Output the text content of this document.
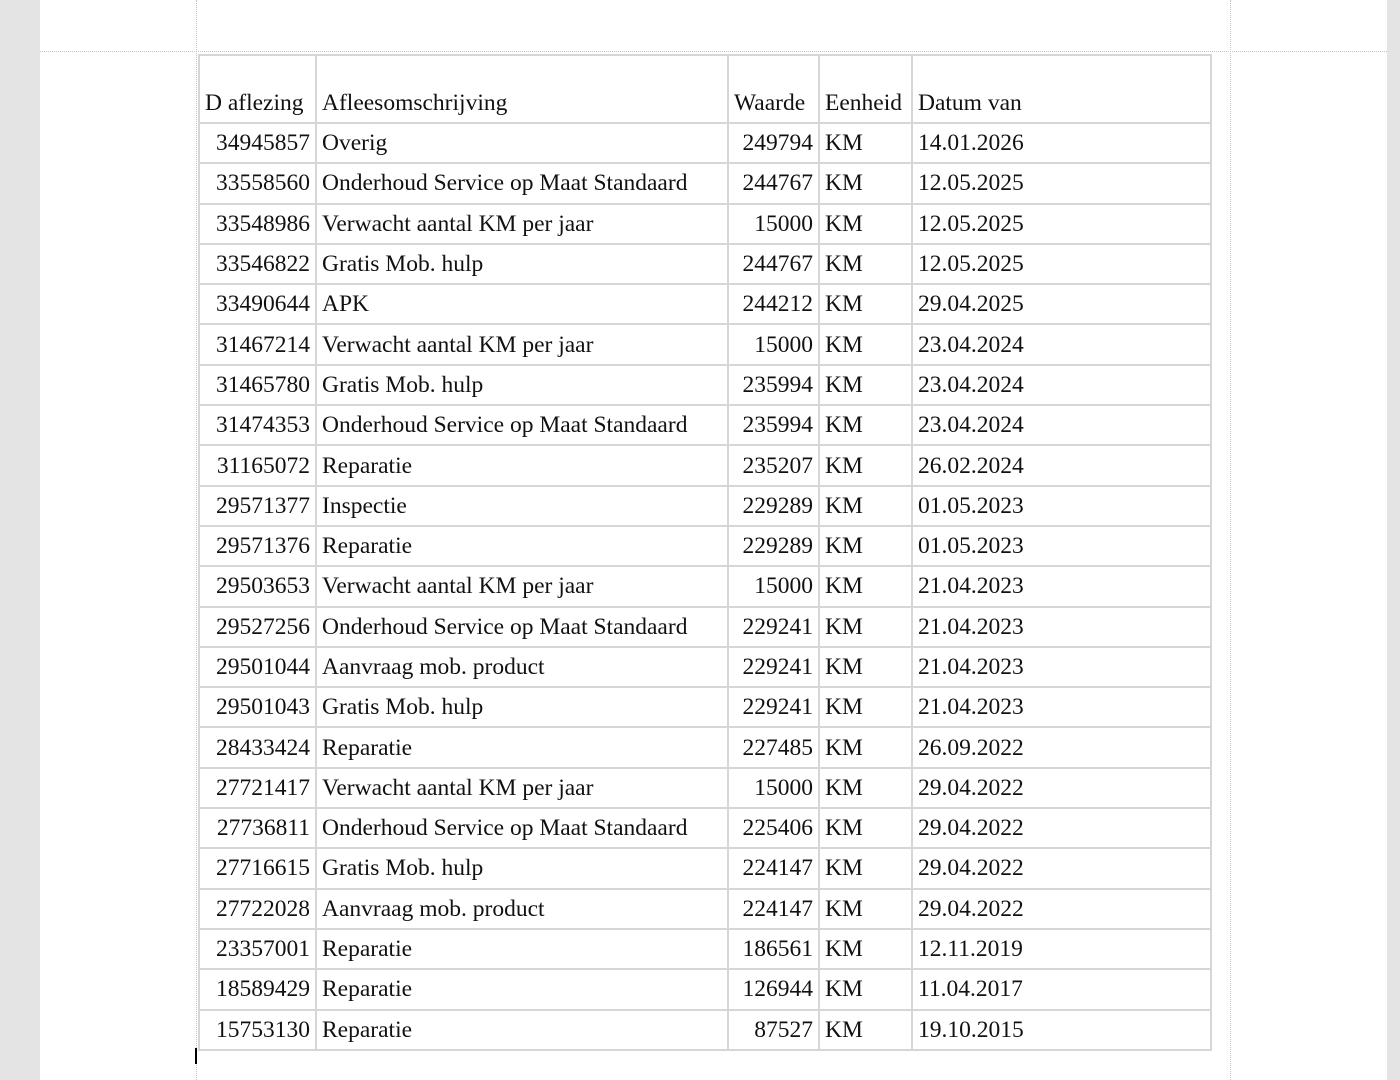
D aflezing	Afleesomschrijving	Waarde	Eenheid	Datum van
34945857	Overig	249794	KM	14.01.2026
33558560	Onderhoud Service op Maat Standaard	244767	KM	12.05.2025
33548986	Verwacht aantal KM per jaar	15000	KM	12.05.2025
33546822	Gratis Mob. hulp	244767	KM	12.05.2025
33490644	APK	244212	KM	29.04.2025
31467214	Verwacht aantal KM per jaar	15000	KM	23.04.2024
31465780	Gratis Mob. hulp	235994	KM	23.04.2024
31474353	Onderhoud Service op Maat Standaard	235994	KM	23.04.2024
31165072	Reparatie	235207	KM	26.02.2024
29571377	Inspectie	229289	KM	01.05.2023
29571376	Reparatie	229289	KM	01.05.2023
29503653	Verwacht aantal KM per jaar	15000	KM	21.04.2023
29527256	Onderhoud Service op Maat Standaard	229241	KM	21.04.2023
29501044	Aanvraag mob. product	229241	KM	21.04.2023
29501043	Gratis Mob. hulp	229241	KM	21.04.2023
28433424	Reparatie	227485	KM	26.09.2022
27721417	Verwacht aantal KM per jaar	15000	KM	29.04.2022
27736811	Onderhoud Service op Maat Standaard	225406	KM	29.04.2022
27716615	Gratis Mob. hulp	224147	KM	29.04.2022
27722028	Aanvraag mob. product	224147	KM	29.04.2022
23357001	Reparatie	186561	KM	12.11.2019
18589429	Reparatie	126944	KM	11.04.2017
15753130	Reparatie	87527	KM	19.10.2015
